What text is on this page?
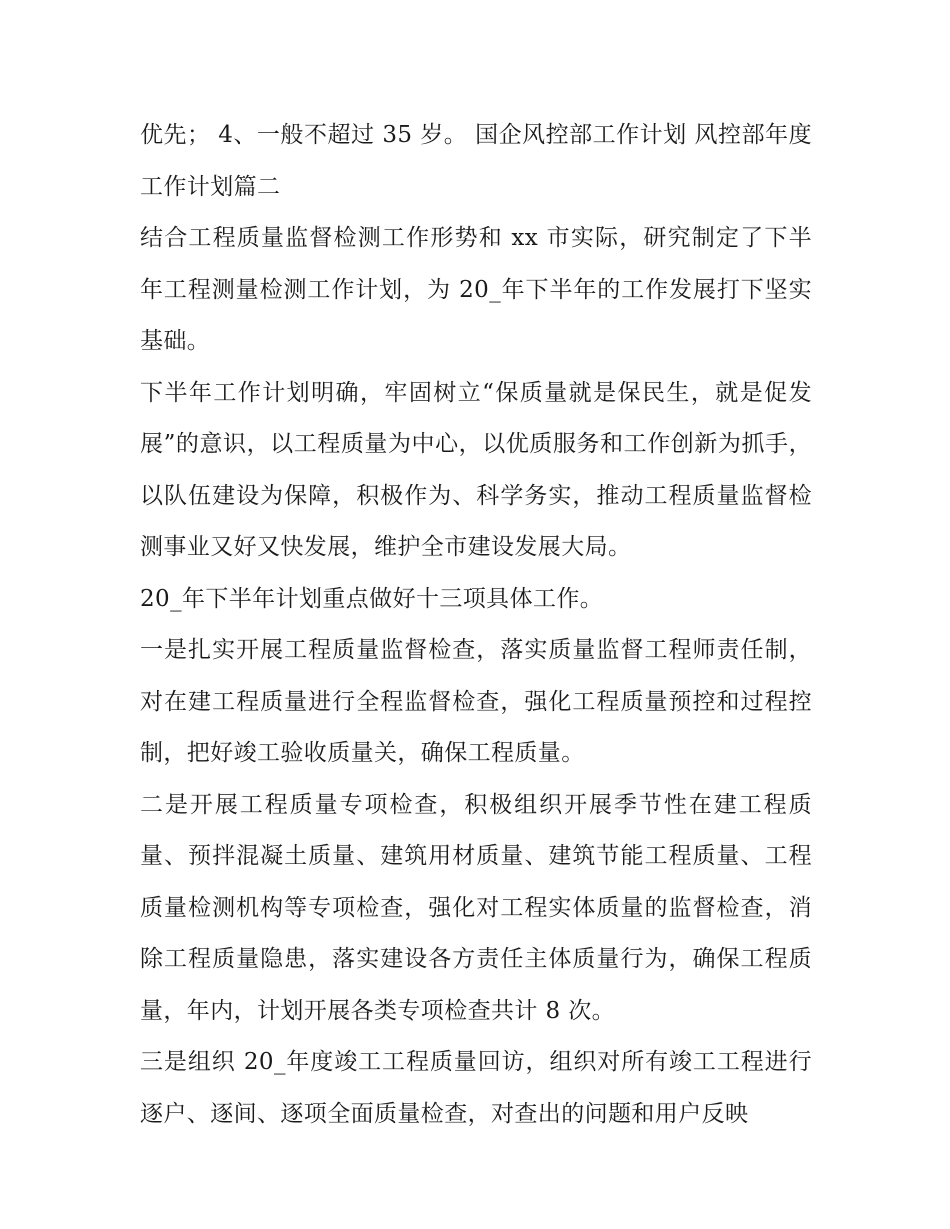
优先； 4、一般不超过 35 岁。 国企风控部工作计划 风控部年度工作计划篇二

结合工程质量监督检测工作形势和 xx 市实际，研究制定了下半年工程测量检测工作计划，为 20_年下半年的工作发展打下坚实基础。

下半年工作计划明确，牢固树立“保质量就是保民生，就是促发展”的意识，以工程质量为中心，以优质服务和工作创新为抓手，以队伍建设为保障，积极作为、科学务实，推动工程质量监督检测事业又好又快发展，维护全市建设发展大局。

20_年下半年计划重点做好十三项具体工作。

一是扎实开展工程质量监督检查，落实质量监督工程师责任制，对在建工程质量进行全程监督检查，强化工程质量预控和过程控制，把好竣工验收质量关，确保工程质量。

二是开展工程质量专项检查，积极组织开展季节性在建工程质量、预拌混凝土质量、建筑用材质量、建筑节能工程质量、工程质量检测机构等专项检查，强化对工程实体质量的监督检查，消除工程质量隐患，落实建设各方责任主体质量行为，确保工程质量，年内，计划开展各类专项检查共计 8 次。

三是组织 20_年度竣工工程质量回访，组织对所有竣工工程进行逐户、逐间、逐项全面质量检查，对查出的问题和用户反映
